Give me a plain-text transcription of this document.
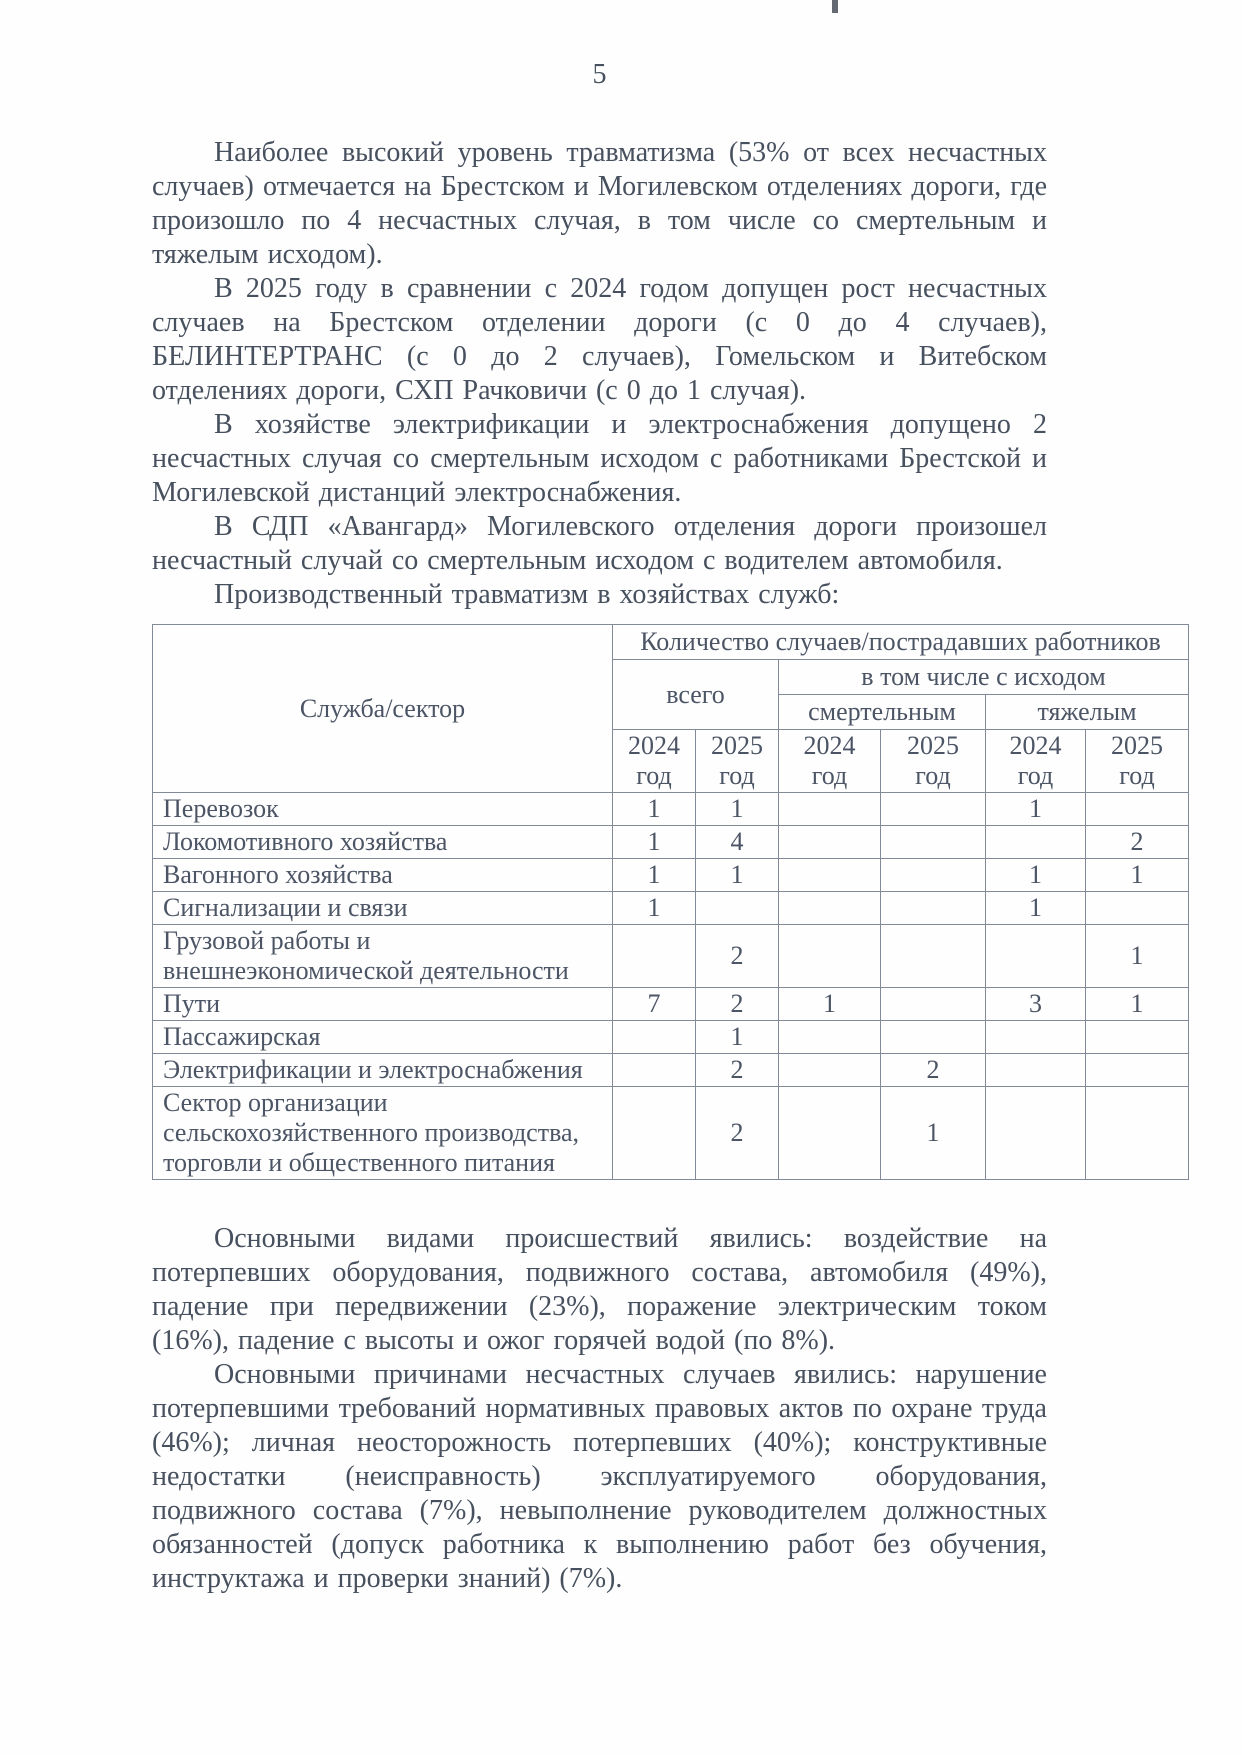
5

Наиболее высокий уровень травматизма (53% от всех несчастных случаев) отмечается на Брестском и Могилевском отделениях дороги, где произошло по 4 несчастных случая, в том числе со смертельным и тяжелым исходом).

В 2025 году в сравнении с 2024 годом допущен рост несчастных случаев на Брестском отделении дороги (с 0 до 4 случаев), БЕЛИНТЕРТРАНС (с 0 до 2 случаев), Гомельском и Витебском отделениях дороги, СХП Рачковичи (с 0 до 1 случая).

В хозяйстве электрификации и электроснабжения допущено 2 несчастных случая со смертельным исходом с работниками Брестской и Могилевской дистанций электроснабжения.

В СДП «Авангард» Могилевского отделения дороги произошел несчастный случай со смертельным исходом с водителем автомобиля.

Производственный травматизм в хозяйствах служб:

Служба/сектор	Количество случаев/пострадавших работников					
	всего		в том числе с исходом			
			смертельным		тяжелым	
	2024 год	2025 год	2024 год	2025 год	2024 год	2025 год
Перевозок	1	1			1	
Локомотивного хозяйства	1	4				2
Вагонного хозяйства	1	1			1	1
Сигнализации и связи	1				1	
Грузовой работы и внешнеэкономической деятельности		2				1
Пути	7	2	1		3	1
Пассажирская		1				
Электрификации и электроснабжения		2		2		
Сектор организации сельскохозяйственного производства, торговли и общественного питания		2		1		

Основными видами происшествий явились: воздействие на потерпевших оборудования, подвижного состава, автомобиля (49%), падение при передвижении (23%), поражение электрическим током (16%), падение с высоты и ожог горячей водой (по 8%).

Основными причинами несчастных случаев явились: нарушение потерпевшими требований нормативных правовых актов по охране труда (46%); личная неосторожность потерпевших (40%); конструктивные недостатки (неисправность) эксплуатируемого оборудования, подвижного состава (7%), невыполнение руководителем должностных обязанностей (допуск работника к выполнению работ без обучения, инструктажа и проверки знаний) (7%).
